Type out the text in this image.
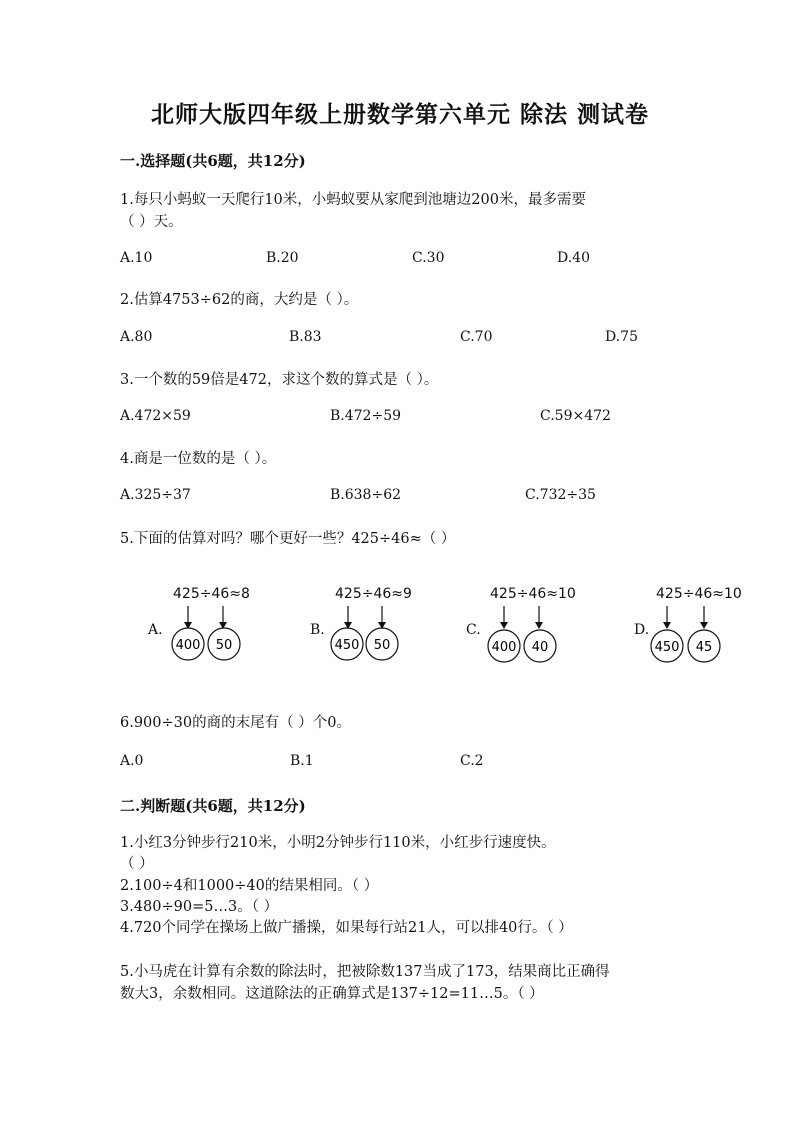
北师大版四年级上册数学第六单元 除法 测试卷
一.选择题(共6题，共12分)
1.每只小蚂蚁一天爬行10米，小蚂蚁要从家爬到池塘边200米，最多需要
（ ）天。
A.10	B.20	C.30	D.40
2.估算4753÷62的商，大约是（ ）。
A.80	B.83	C.70	D.75
3.一个数的59倍是472，求这个数的算式是（ ）。
A.472×59	B.472÷59	C.59×472
4.商是一位数的是（ ）。
A.325÷37	B.638÷62	C.732÷35
5.下面的估算对吗？哪个更好一些？425÷46≈（ ）
A.
425÷46≈8
400 50
B.
425÷46≈9
450 50
C.
425÷46≈10
400 40
D.
425÷46≈10
450 45
6.900÷30的商的末尾有（ ）个0。
A.0	B.1	C.2
二.判断题(共6题，共12分)
1.小红3分钟步行210米，小明2分钟步行110米，小红步行速度快。
（ ）
2.100÷4和1000÷40的结果相同。（ ）
3.480÷90=5…3。（ ）
4.720个同学在操场上做广播操，如果每行站21人，可以排40行。（ ）
5.小马虎在计算有余数的除法时，把被除数137当成了173，结果商比正确得
数大3，余数相同。这道除法的正确算式是137÷12=11…5。（ ）
